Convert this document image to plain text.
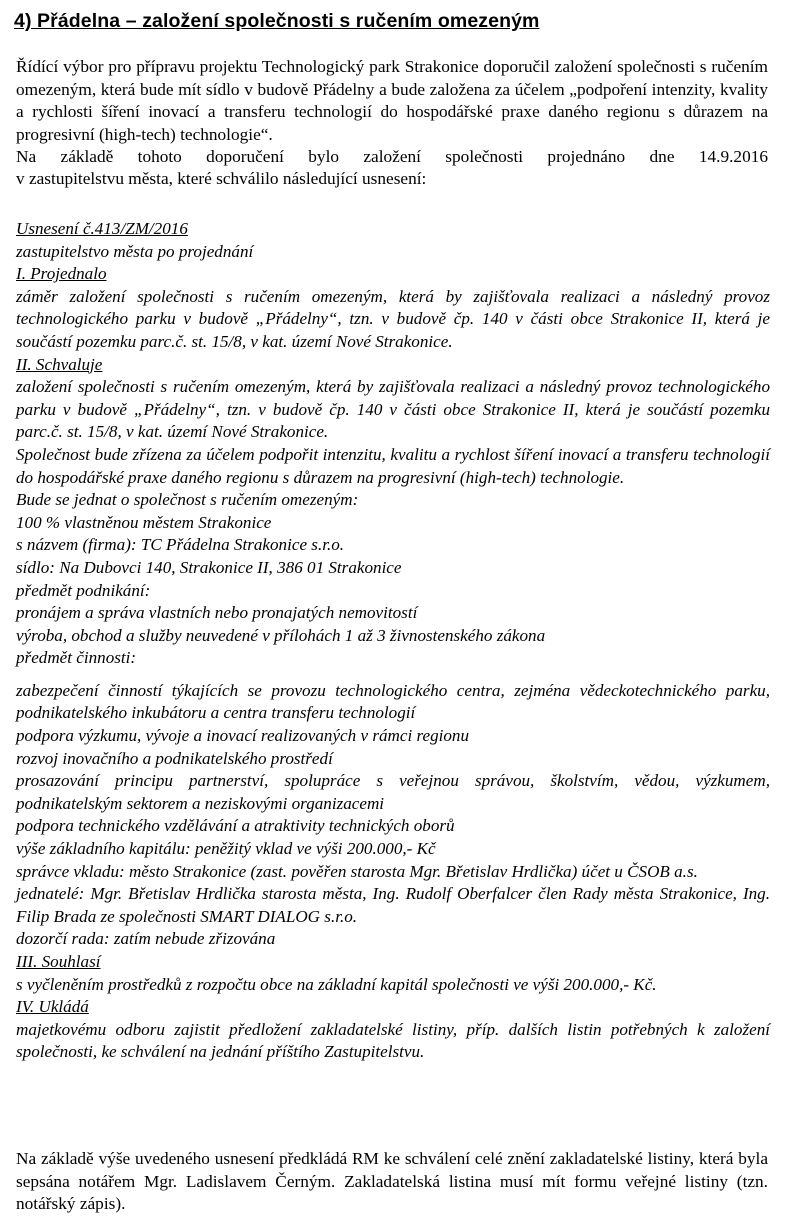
4) Přádelna – založení společnosti s ručením omezeným
Řídící výbor pro přípravu projektu Technologický park Strakonice doporučil založení společnosti s ručením omezeným, která bude mít sídlo v budově Přádelny a bude založena za účelem „podpoření intenzity, kvality a rychlosti šíření inovací a transferu technologií do hospodářské praxe daného regionu s důrazem na progresivní (high-tech) technologie“.
Na základě tohoto doporučení bylo založení společnosti projednáno dne 14.9.2016
v zastupitelstvu města, které schválilo následující usnesení:
Usnesení č.413/ZM/2016
zastupitelstvo města po projednání
I. Projednalo
záměr založení společnosti s ručením omezeným, která by zajišťovala realizaci a následný provoz technologického parku v budově „Přádelny“, tzn. v budově čp. 140 v části obce Strakonice II, která je součástí pozemku parc.č. st. 15/8, v kat. území Nové Strakonice.
II. Schvaluje
založení společnosti s ručením omezeným, která by zajišťovala realizaci a následný provoz technologického parku v budově „Přádelny“, tzn. v budově čp. 140 v části obce Strakonice II, která je součástí pozemku parc.č. st. 15/8, v kat. území Nové Strakonice.
Společnost bude zřízena za účelem podpořit intenzitu, kvalitu a rychlost šíření inovací a transferu technologií do hospodářské praxe daného regionu s důrazem na progresivní (high-tech) technologie.
Bude se jednat o společnost s ručením omezeným:
100 % vlastněnou městem Strakonice
s názvem (firma): TC Přádelna Strakonice s.r.o.
sídlo: Na Dubovci 140, Strakonice II, 386 01 Strakonice
předmět podnikání:
pronájem a správa vlastních nebo pronajatých nemovitostí
výroba, obchod a služby neuvedené v přílohách 1 až 3 živnostenského zákona
předmět činnosti:
zabezpečení činností týkajících se provozu technologického centra, zejména vědeckotechnického parku, podnikatelského inkubátoru a centra transferu technologií
podpora výzkumu, vývoje a inovací realizovaných v rámci regionu
rozvoj inovačního a podnikatelského prostředí
prosazování principu partnerství, spolupráce s veřejnou správou, školstvím, vědou, výzkumem, podnikatelským sektorem a neziskovými organizacemi
podpora technického vzdělávání a atraktivity technických oborů
výše základního kapitálu: peněžitý vklad ve výši 200.000,- Kč
správce vkladu: město Strakonice (zast. pověřen starosta Mgr. Břetislav Hrdlička) účet u ČSOB a.s.
jednatelé: Mgr. Břetislav Hrdlička starosta města, Ing. Rudolf Oberfalcer člen Rady města Strakonice, Ing. Filip Brada ze společnosti SMART DIALOG s.r.o.
dozorčí rada: zatím nebude zřizována
III. Souhlasí
s vyčleněním prostředků z rozpočtu obce na základní kapitál společnosti ve výši 200.000,- Kč.
IV. Ukládá
majetkovému odboru zajistit předložení zakladatelské listiny, příp. dalších listin potřebných k založení společnosti, ke schválení na jednání příštího Zastupitelstvu.
Na základě výše uvedeného usnesení předkládá RM ke schválení celé znění zakladatelské listiny, která byla sepsána notářem Mgr. Ladislavem Černým. Zakladatelská listina musí mít formu veřejné listiny (tzn. notářský zápis).
